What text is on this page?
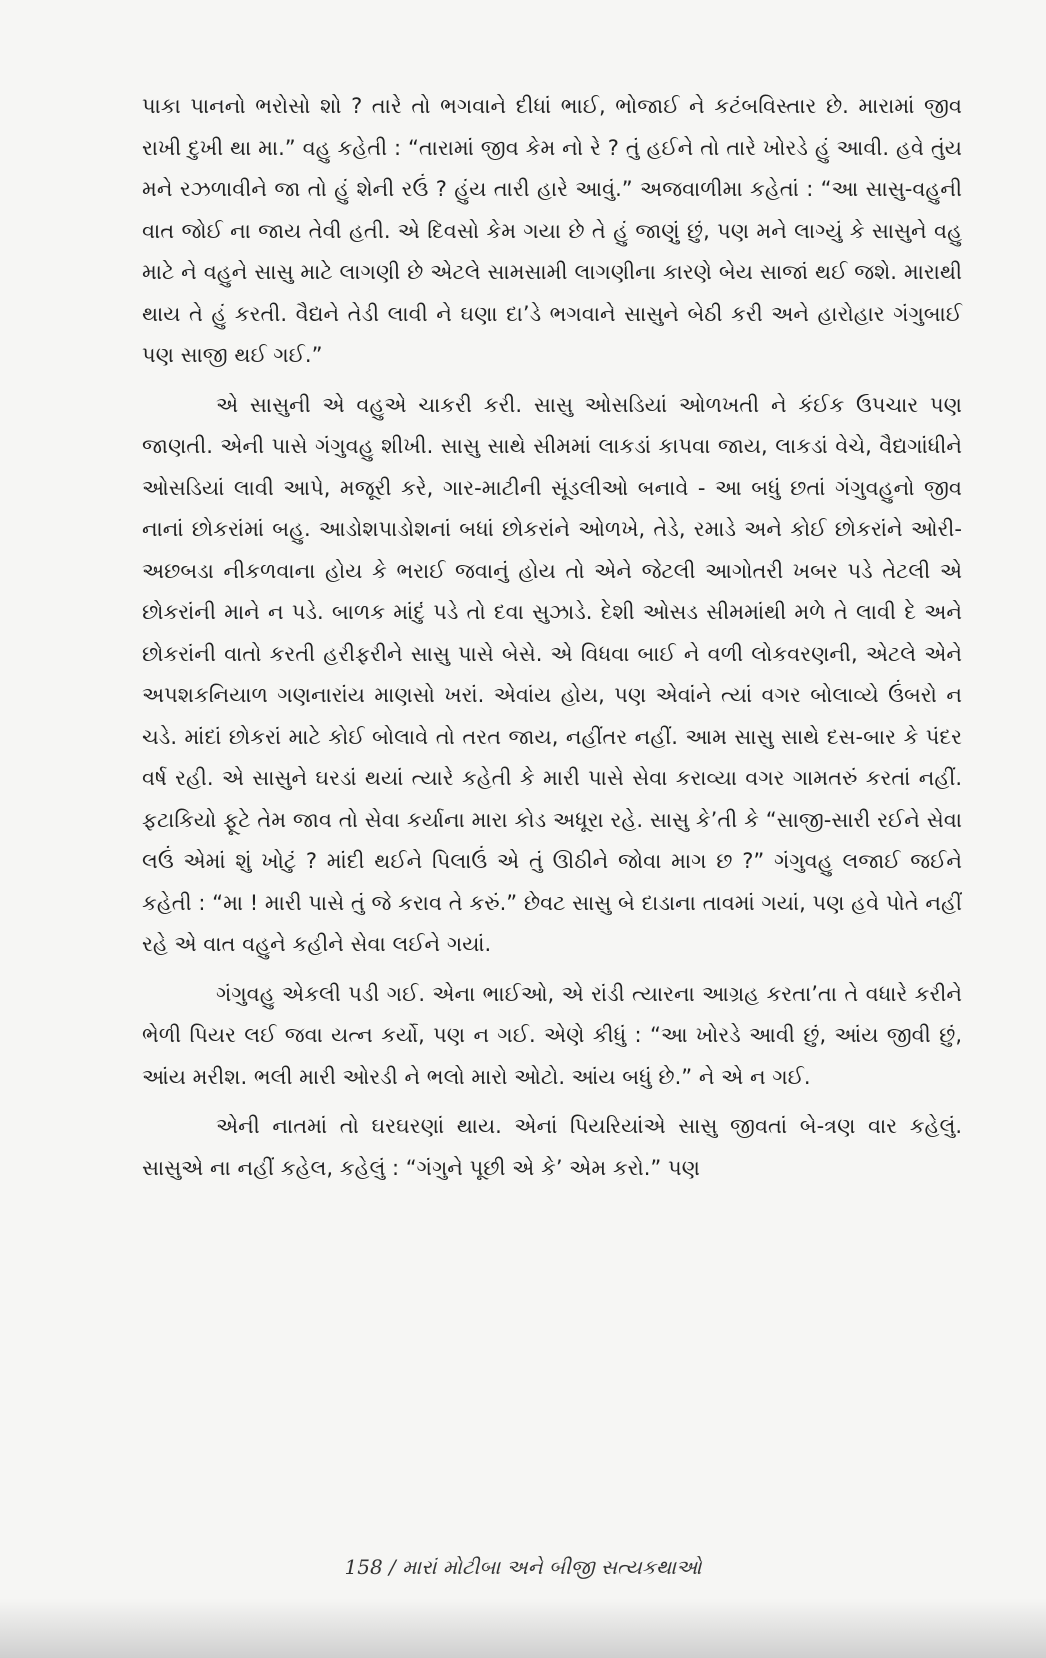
પાકા પાનનો ભરોસો શો ? તારે તો ભગવાને દીધાં ભાઈ, ભોજાઈ ને કટંબવિસ્તાર છે. મારામાં જીવ રાખી દુખી થા મા.” વહુ કહેતી : “તારામાં જીવ કેમ નો રે ? તું હઈને તો તારે ખોરડે હું આવી. હવે તુંય મને રઝળાવીને જા તો હું શેની રઉં ? હુંય તારી હારે આવું.” અજવાળીમા કહેતાં : “આ સાસુ-વહુની વાત જોઈ ના જાય તેવી હતી. એ દિવસો કેમ ગયા છે તે હું જાણું છું, પણ મને લાગ્યું કે સાસુને વહુ માટે ને વહુને સાસુ માટે લાગણી છે એટલે સામસામી લાગણીના કારણે બેય સાજાં થઈ જશે. મારાથી થાય તે હું કરતી. વૈદ્યને તેડી લાવી ને ઘણા દા’ડે ભગવાને સાસુને બેઠી કરી અને હારોહાર ગંગુબાઈ પણ સાજી થઈ ગઈ.”

એ સાસુની એ વહુએ ચાકરી કરી. સાસુ ઓસડિયાં ઓળખતી ને કંઈક ઉપચાર પણ જાણતી. એની પાસે ગંગુવહુ શીખી. સાસુ સાથે સીમમાં લાકડાં કાપવા જાય, લાકડાં વેચે, વૈદ્યગાંધીને ઓસડિયાં લાવી આપે, મજૂરી કરે, ગાર-માટીની સૂંડલીઓ બનાવે - આ બધું છતાં ગંગુવહુનો જીવ નાનાં છોકરાંમાં બહુ. આડોશપાડોશનાં બધાં છોકરાંને ઓળખે, તેડે, રમાડે અને કોઈ છોકરાંને ઓરી-અછબડા નીકળવાના હોય કે ભરાઈ જવાનું હોય તો એને જેટલી આગોતરી ખબર પડે તેટલી એ છોકરાંની માને ન પડે. બાળક માંદું પડે તો દવા સુઝાડે. દેશી ઓસડ સીમમાંથી મળે તે લાવી દે અને છોકરાંની વાતો કરતી હરીફરીને સાસુ પાસે બેસે. એ વિધવા બાઈ ને વળી લોકવરણની, એટલે એને અપશકનિયાળ ગણનારાંય માણસો ખરાં. એવાંય હોય, પણ એવાંને ત્યાં વગર બોલાવ્યે ઉંબરો ન ચડે. માંદાં છોકરાં માટે કોઈ બોલાવે તો તરત જાય, નહીંતર નહીં. આમ સાસુ સાથે દસ-બાર કે પંદર વર્ષ રહી. એ સાસુને ઘરડાં થયાં ત્યારે કહેતી કે મારી પાસે સેવા કરાવ્યા વગર ગામતરું કરતાં નહીં. ફટાકિયો ફૂટે તેમ જાવ તો સેવા કર્યાના મારા કોડ અધૂરા રહે. સાસુ કે’તી કે “સાજી-સારી રઈને સેવા લઉં એમાં શું ખોટું ? માંદી થઈને પિલાઉં એ તું ઊઠીને જોવા માગ છ ?” ગંગુવહુ લજાઈ જઈને કહેતી : “મા ! મારી પાસે તું જે કરાવ તે કરું.” છેવટ સાસુ બે દાડાના તાવમાં ગયાં, પણ હવે પોતે નહીં રહે એ વાત વહુને કહીને સેવા લઈને ગયાં.

ગંગુવહુ એકલી પડી ગઈ. એના ભાઈઓ, એ રાંડી ત્યારના આગ્રહ કરતા’તા તે વધારે કરીને ભેળી પિયર લઈ જવા યત્ન કર્યો, પણ ન ગઈ. એણે કીધું : “આ ખોરડે આવી છું, આંય જીવી છું, આંય મરીશ. ભલી મારી ઓરડી ને ભલો મારો ઓટો. આંય બધું છે.” ને એ ન ગઈ.

એની નાતમાં તો ઘરઘરણાં થાય. એનાં પિયરિયાંએ સાસુ જીવતાં બે-ત્રણ વાર કહેલું. સાસુએ ના નહીં કહેલ, કહેલું : “ગંગુને પૂછી એ કે’ એમ કરો.” પણ

158 / મારાં મોટીબા અને બીજી સત્યકથાઓ
